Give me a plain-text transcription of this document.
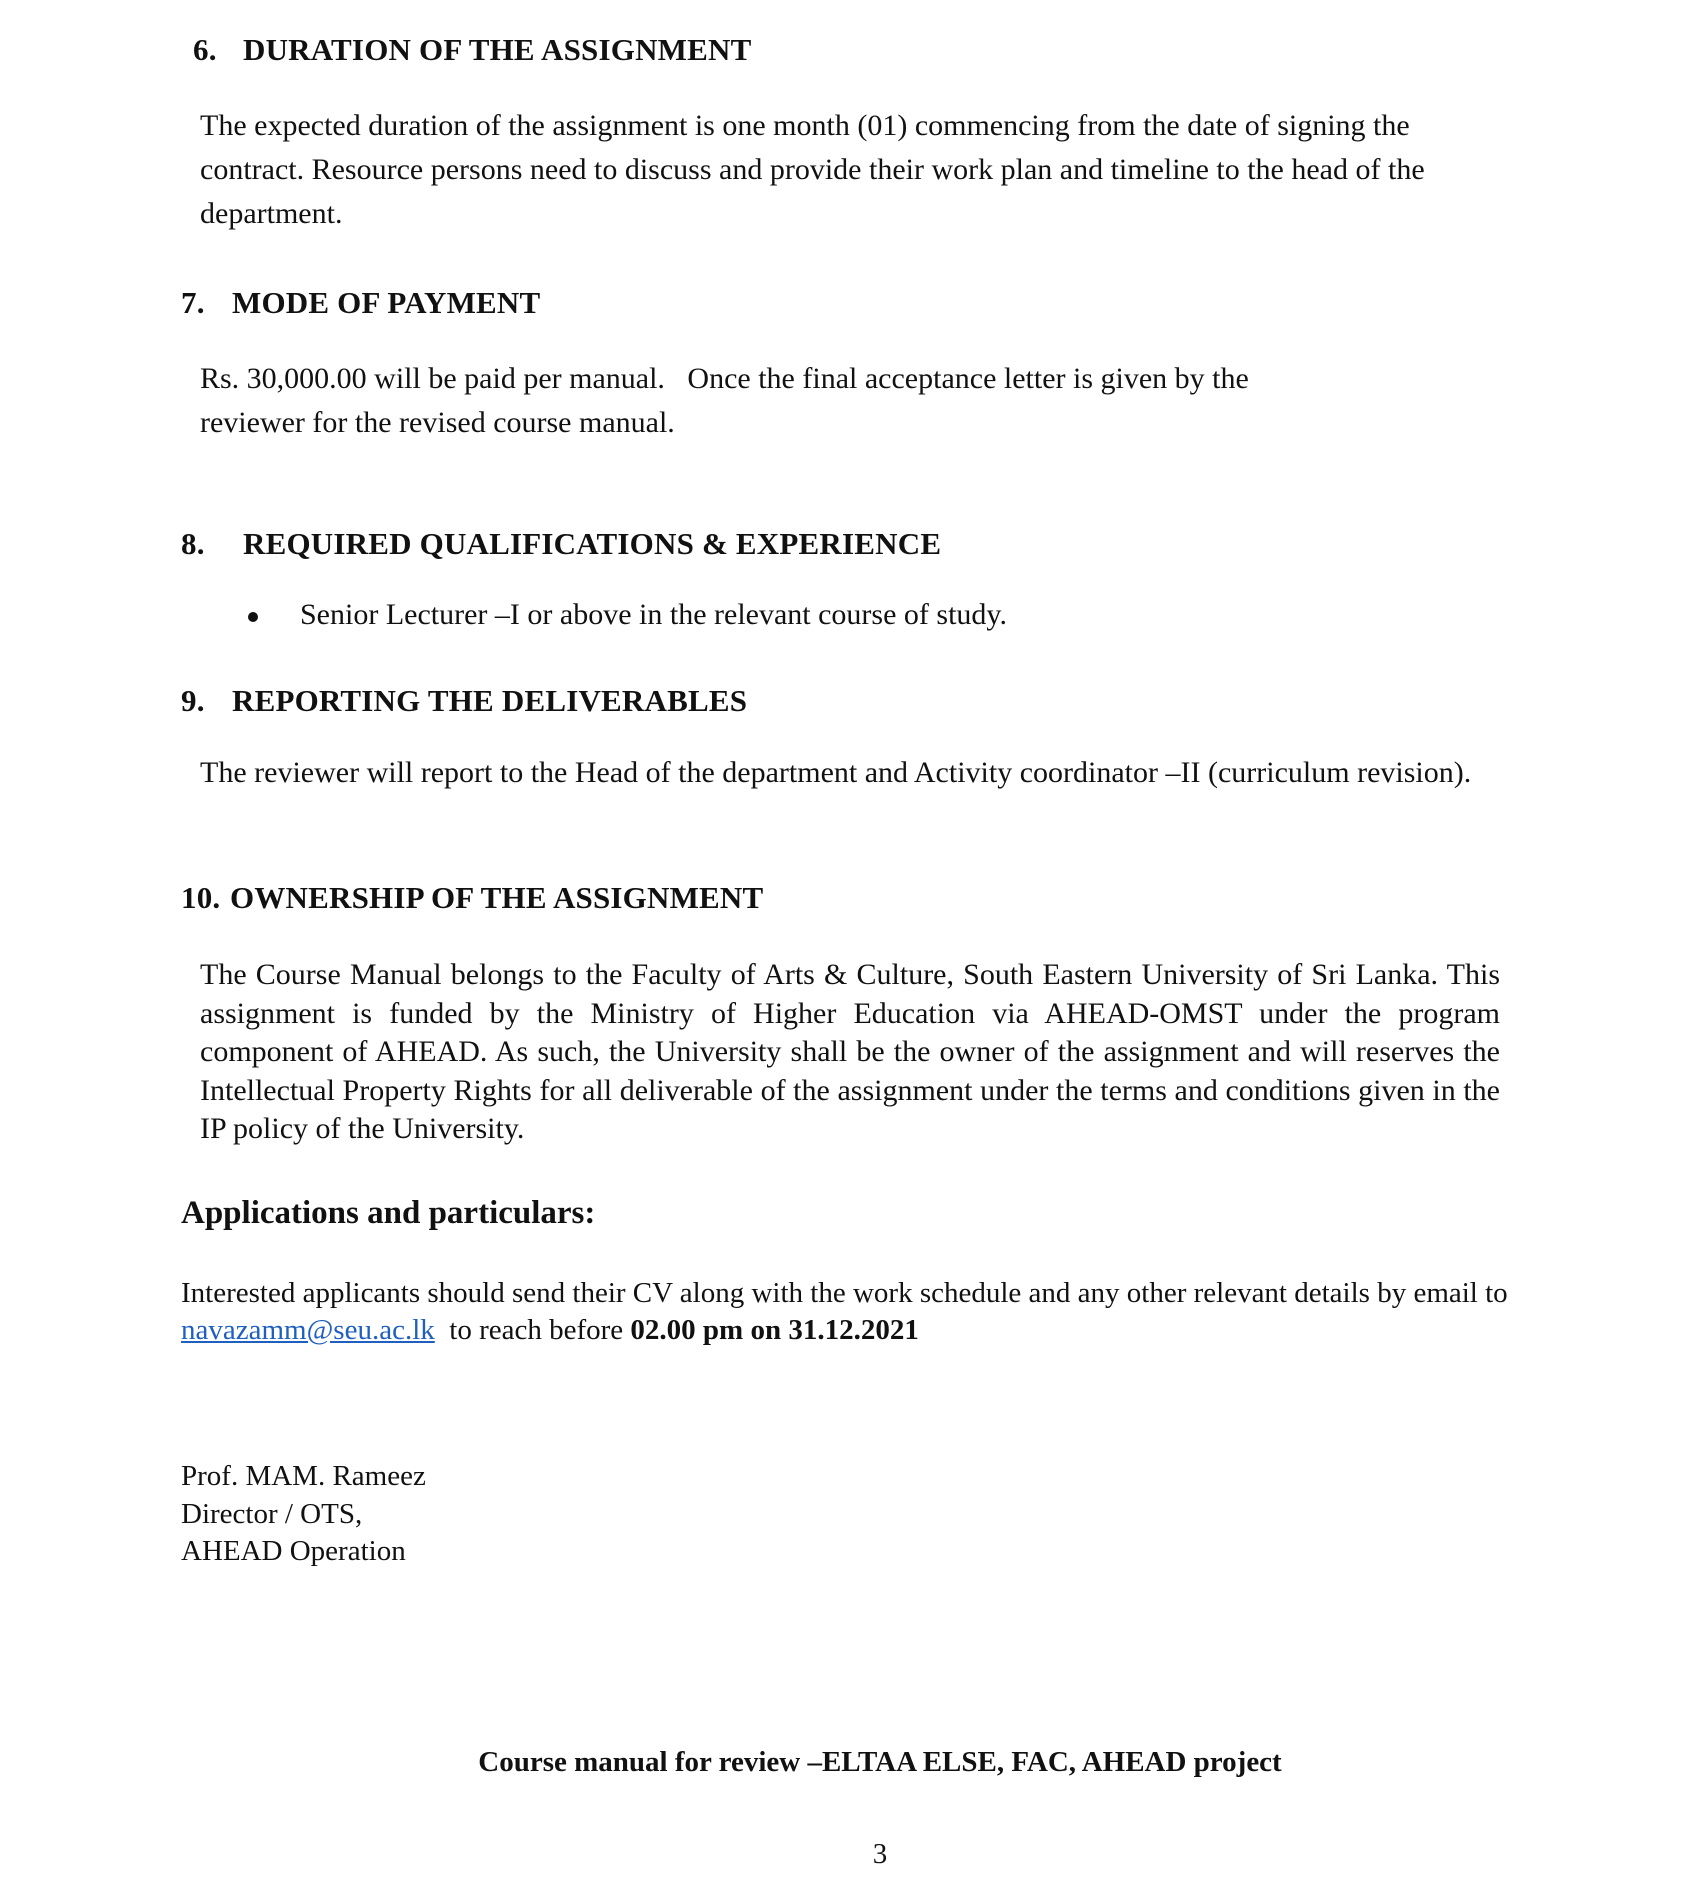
6. DURATION OF THE ASSIGNMENT
The expected duration of the assignment is one month (01) commencing from the date of signing the contract. Resource persons need to discuss and provide their work plan and timeline to the head of the department.
7. MODE OF PAYMENT
Rs. 30,000.00 will be paid per manual.   Once the final acceptance letter is given by the
reviewer for the revised course manual.
8. REQUIRED QUALIFICATIONS & EXPERIENCE
Senior Lecturer –I or above in the relevant course of study.
9. REPORTING THE DELIVERABLES
The reviewer will report to the Head of the department and Activity coordinator –II (curriculum revision).
10. OWNERSHIP OF THE ASSIGNMENT
The Course Manual belongs to the Faculty of Arts & Culture, South Eastern University of Sri Lanka. This assignment is funded by the Ministry of Higher Education via AHEAD-OMST under the program component of AHEAD. As such, the University shall be the owner of the assignment and will reserves the Intellectual Property Rights for all deliverable of the assignment under the terms and conditions given in the IP policy of the University.
Applications and particulars:
Interested applicants should send their CV along with the work schedule and any other relevant details by email to navazamm@seu.ac.lk  to reach before 02.00 pm on 31.12.2021
Prof. MAM. Rameez
Director / OTS,
AHEAD Operation
Course manual for review –ELTAA ELSE, FAC, AHEAD project
3
